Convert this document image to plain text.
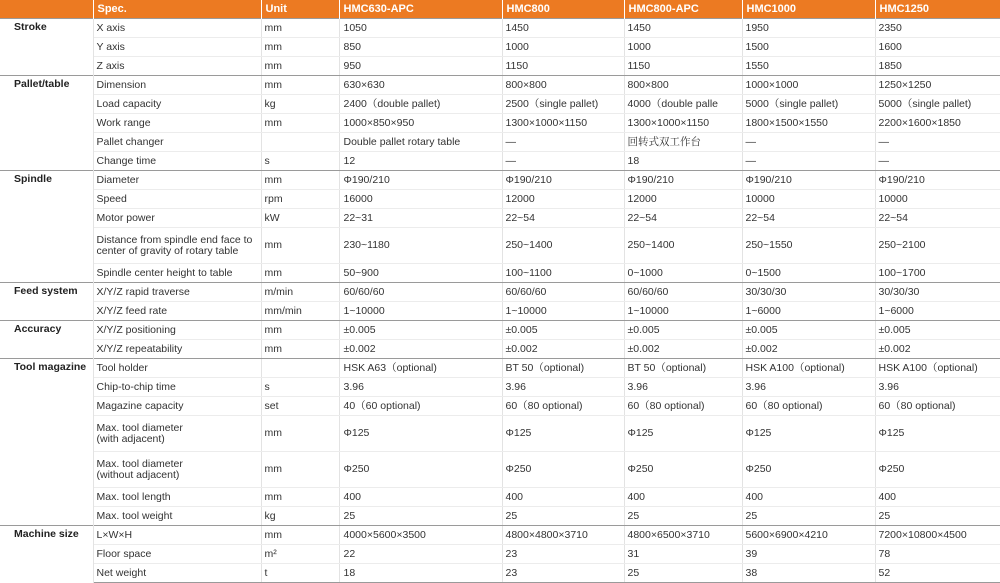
	Spec.	Unit	HMC630-APC	HMC800	HMC800-APC	HMC1000	HMC1250
Stroke	X axis	mm	1050	1450	1450	1950	2350
	Y axis	mm	850	1000	1000	1500	1600
	Z axis	mm	950	1150	1150	1550	1850
Pallet/table	Dimension	mm	630×630	800×800	800×800	1000×1000	1250×1250
	Load capacity	kg	2400（double pallet)	2500（single pallet)	4000（double palle	5000（single pallet)	5000（single pallet)
	Work range	mm	1000×850×950	1300×1000×1150	1300×1000×1150	1800×1500×1550	2200×1600×1850
	Pallet changer		Double pallet rotary table	—	回转式双工作台	—	—
	Change time	s	12	—	18	—	—
Spindle	Diameter	mm	Φ190/210	Φ190/210	Φ190/210	Φ190/210	Φ190/210
	Speed	rpm	16000	12000	12000	10000	10000
	Motor power	kW	22~31	22~54	22~54	22~54	22~54
	Distance from spindle end face to center of gravity of rotary table	mm	230~1180	250~1400	250~1400	250~1550	250~2100
	Spindle center height to table	mm	50~900	100~1100	0~1000	0~1500	100~1700
Feed system	X/Y/Z rapid traverse	m/min	60/60/60	60/60/60	60/60/60	30/30/30	30/30/30
	X/Y/Z feed rate	mm/min	1~10000	1~10000	1~10000	1~6000	1~6000
Accuracy	X/Y/Z positioning	mm	±0.005	±0.005	±0.005	±0.005	±0.005
	X/Y/Z repeatability	mm	±0.002	±0.002	±0.002	±0.002	±0.002
Tool magazine	Tool holder		HSK A63（optional)	BT 50（optional)	BT 50（optional)	HSK A100（optional)	HSK A100（optional)
	Chip-to-chip time	s	3.96	3.96	3.96	3.96	3.96
	Magazine capacity	set	40（60 optional)	60（80 optional)	60（80 optional)	60（80 optional)	60（80 optional)
	Max. tool diameter
(with adjacent)	mm	Φ125	Φ125	Φ125	Φ125	Φ125
	Max. tool diameter
(without adjacent)	mm	Φ250	Φ250	Φ250	Φ250	Φ250
	Max. tool length	mm	400	400	400	400	400
	Max. tool weight	kg	25	25	25	25	25
Machine size	L×W×H	mm	4000×5600×3500	4800×4800×3710	4800×6500×3710	5600×6900×4210	7200×10800×4500
	Floor space	m²	22	23	31	39	78
	Net weight	t	18	23	25	38	52
